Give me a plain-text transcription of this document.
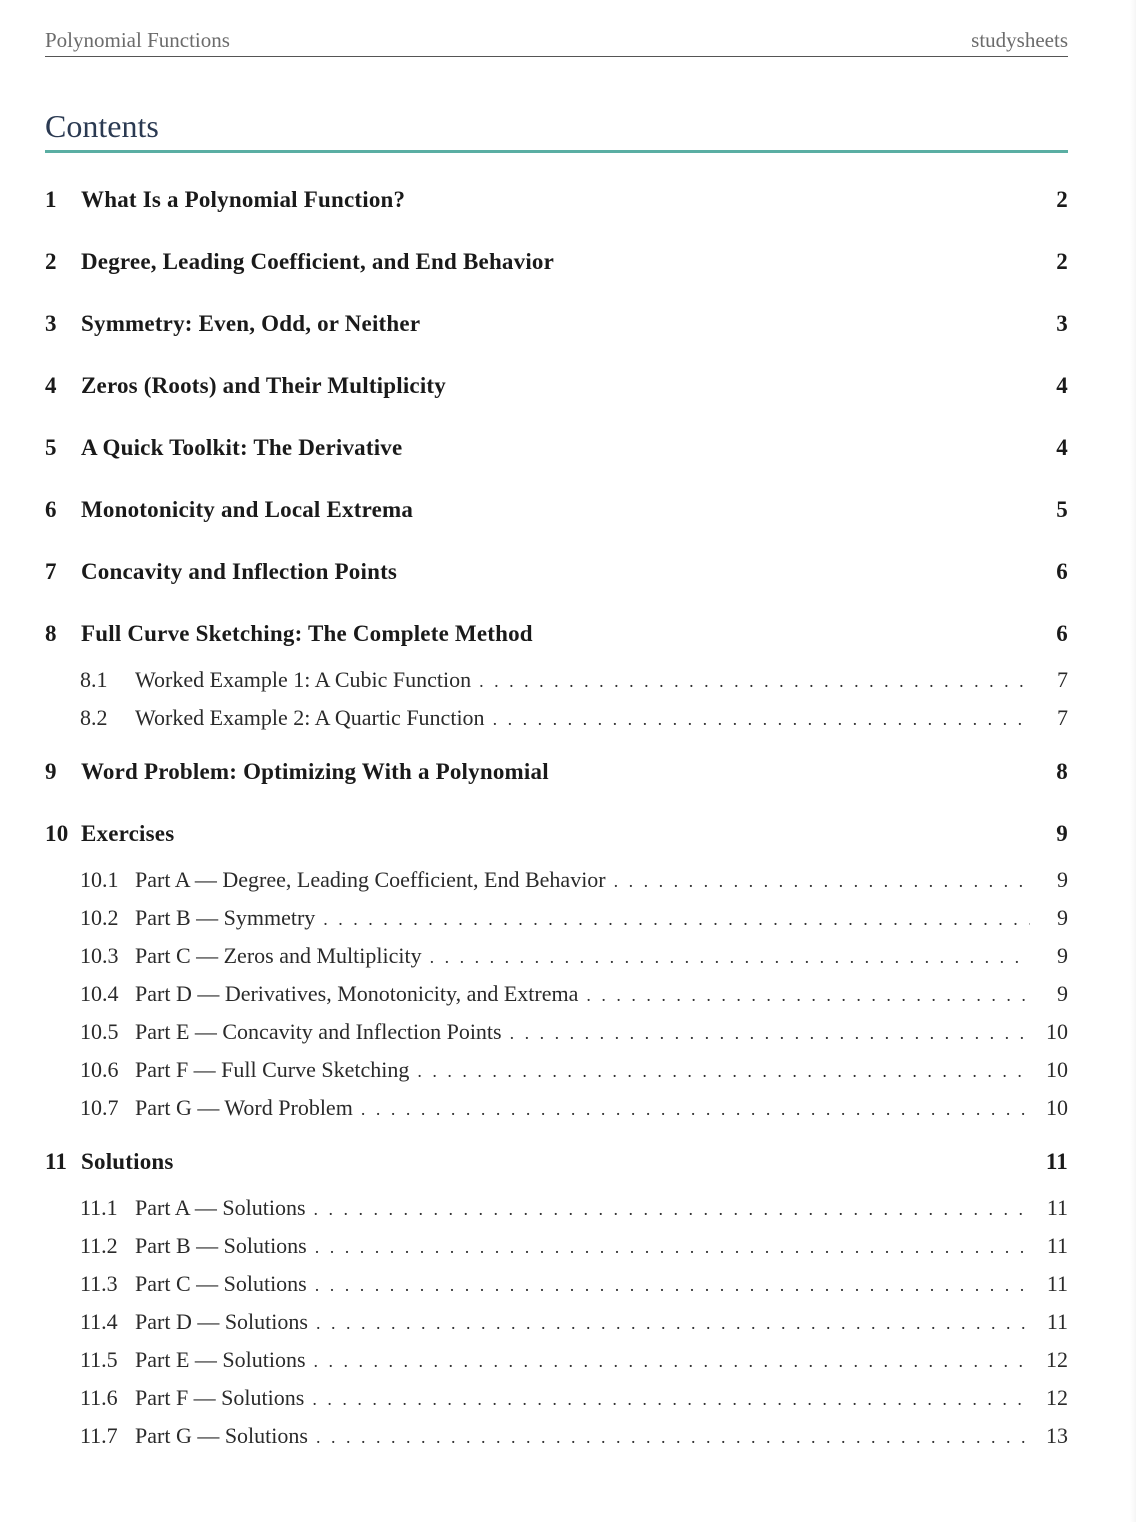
Polynomial Functions	studysheets
Contents
1	What Is a Polynomial Function?	2
2	Degree, Leading Coefficient, and End Behavior	2
3	Symmetry: Even, Odd, or Neither	3
4	Zeros (Roots) and Their Multiplicity	4
5	A Quick Toolkit: The Derivative	4
6	Monotonicity and Local Extrema	5
7	Concavity and Inflection Points	6
8	Full Curve Sketching: The Complete Method	6
8.1	Worked Example 1: A Cubic Function . . .	7
8.2	Worked Example 2: A Quartic Function . . .	7
9	Word Problem: Optimizing With a Polynomial	8
10 Exercises	9
10.1 Part A — Degree, Leading Coefficient, End Behavior . . .	9
10.2 Part B — Symmetry . . .	9
10.3 Part C — Zeros and Multiplicity . . .	9
10.4 Part D — Derivatives, Monotonicity, and Extrema . . .	9
10.5 Part E — Concavity and Inflection Points . . .	10
10.6 Part F — Full Curve Sketching . . .	10
10.7 Part G — Word Problem . . .	10
11 Solutions	11
11.1 Part A — Solutions . . .	11
11.2 Part B — Solutions . . .	11
11.3 Part C — Solutions . . .	11
11.4 Part D — Solutions . . .	11
11.5 Part E — Solutions . . .	12
11.6 Part F — Solutions . . .	12
11.7 Part G — Solutions . . .	13
